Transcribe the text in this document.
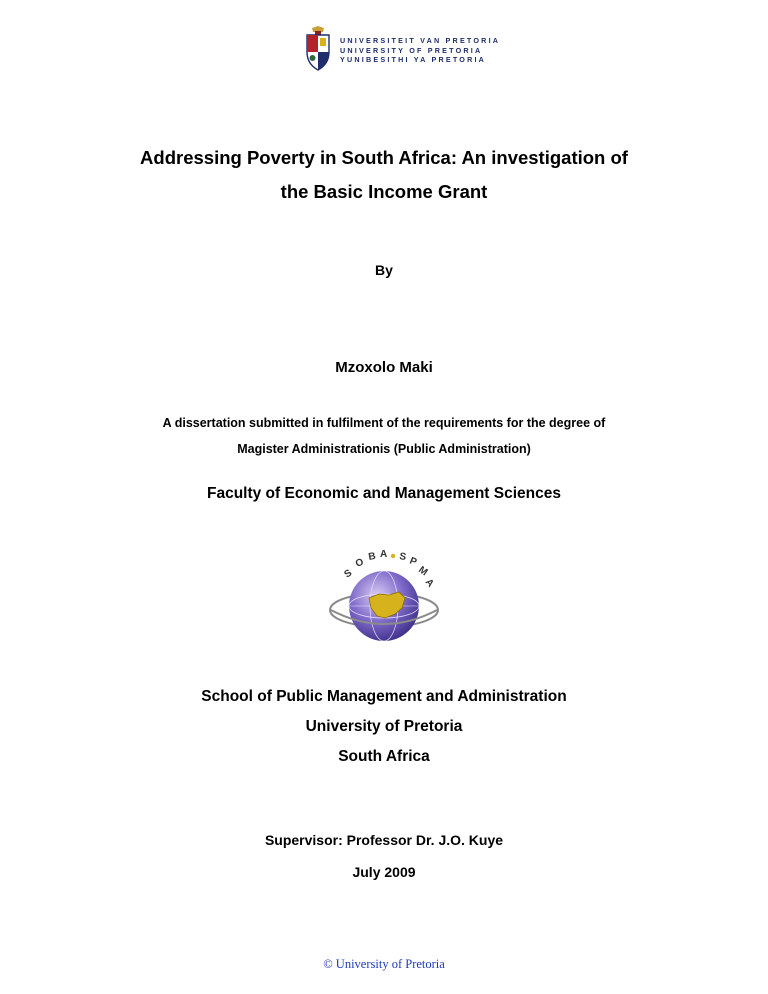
UNIVERSITEIT VAN PRETORIA
UNIVERSITY OF PRETORIA
YUNIBESITHI YA PRETORIA
Addressing Poverty in South Africa: An investigation of
the Basic Income Grant
By
Mzoxolo Maki
A dissertation submitted in fulfilment of the requirements for the degree of
Magister Administrationis (Public Administration)
Faculty of Economic and Management Sciences
S
O B A S P
M
A
School of Public Management and Administration
University of Pretoria
South Africa
Supervisor: Professor Dr. J.O. Kuye
July 2009
© University of Pretoria
